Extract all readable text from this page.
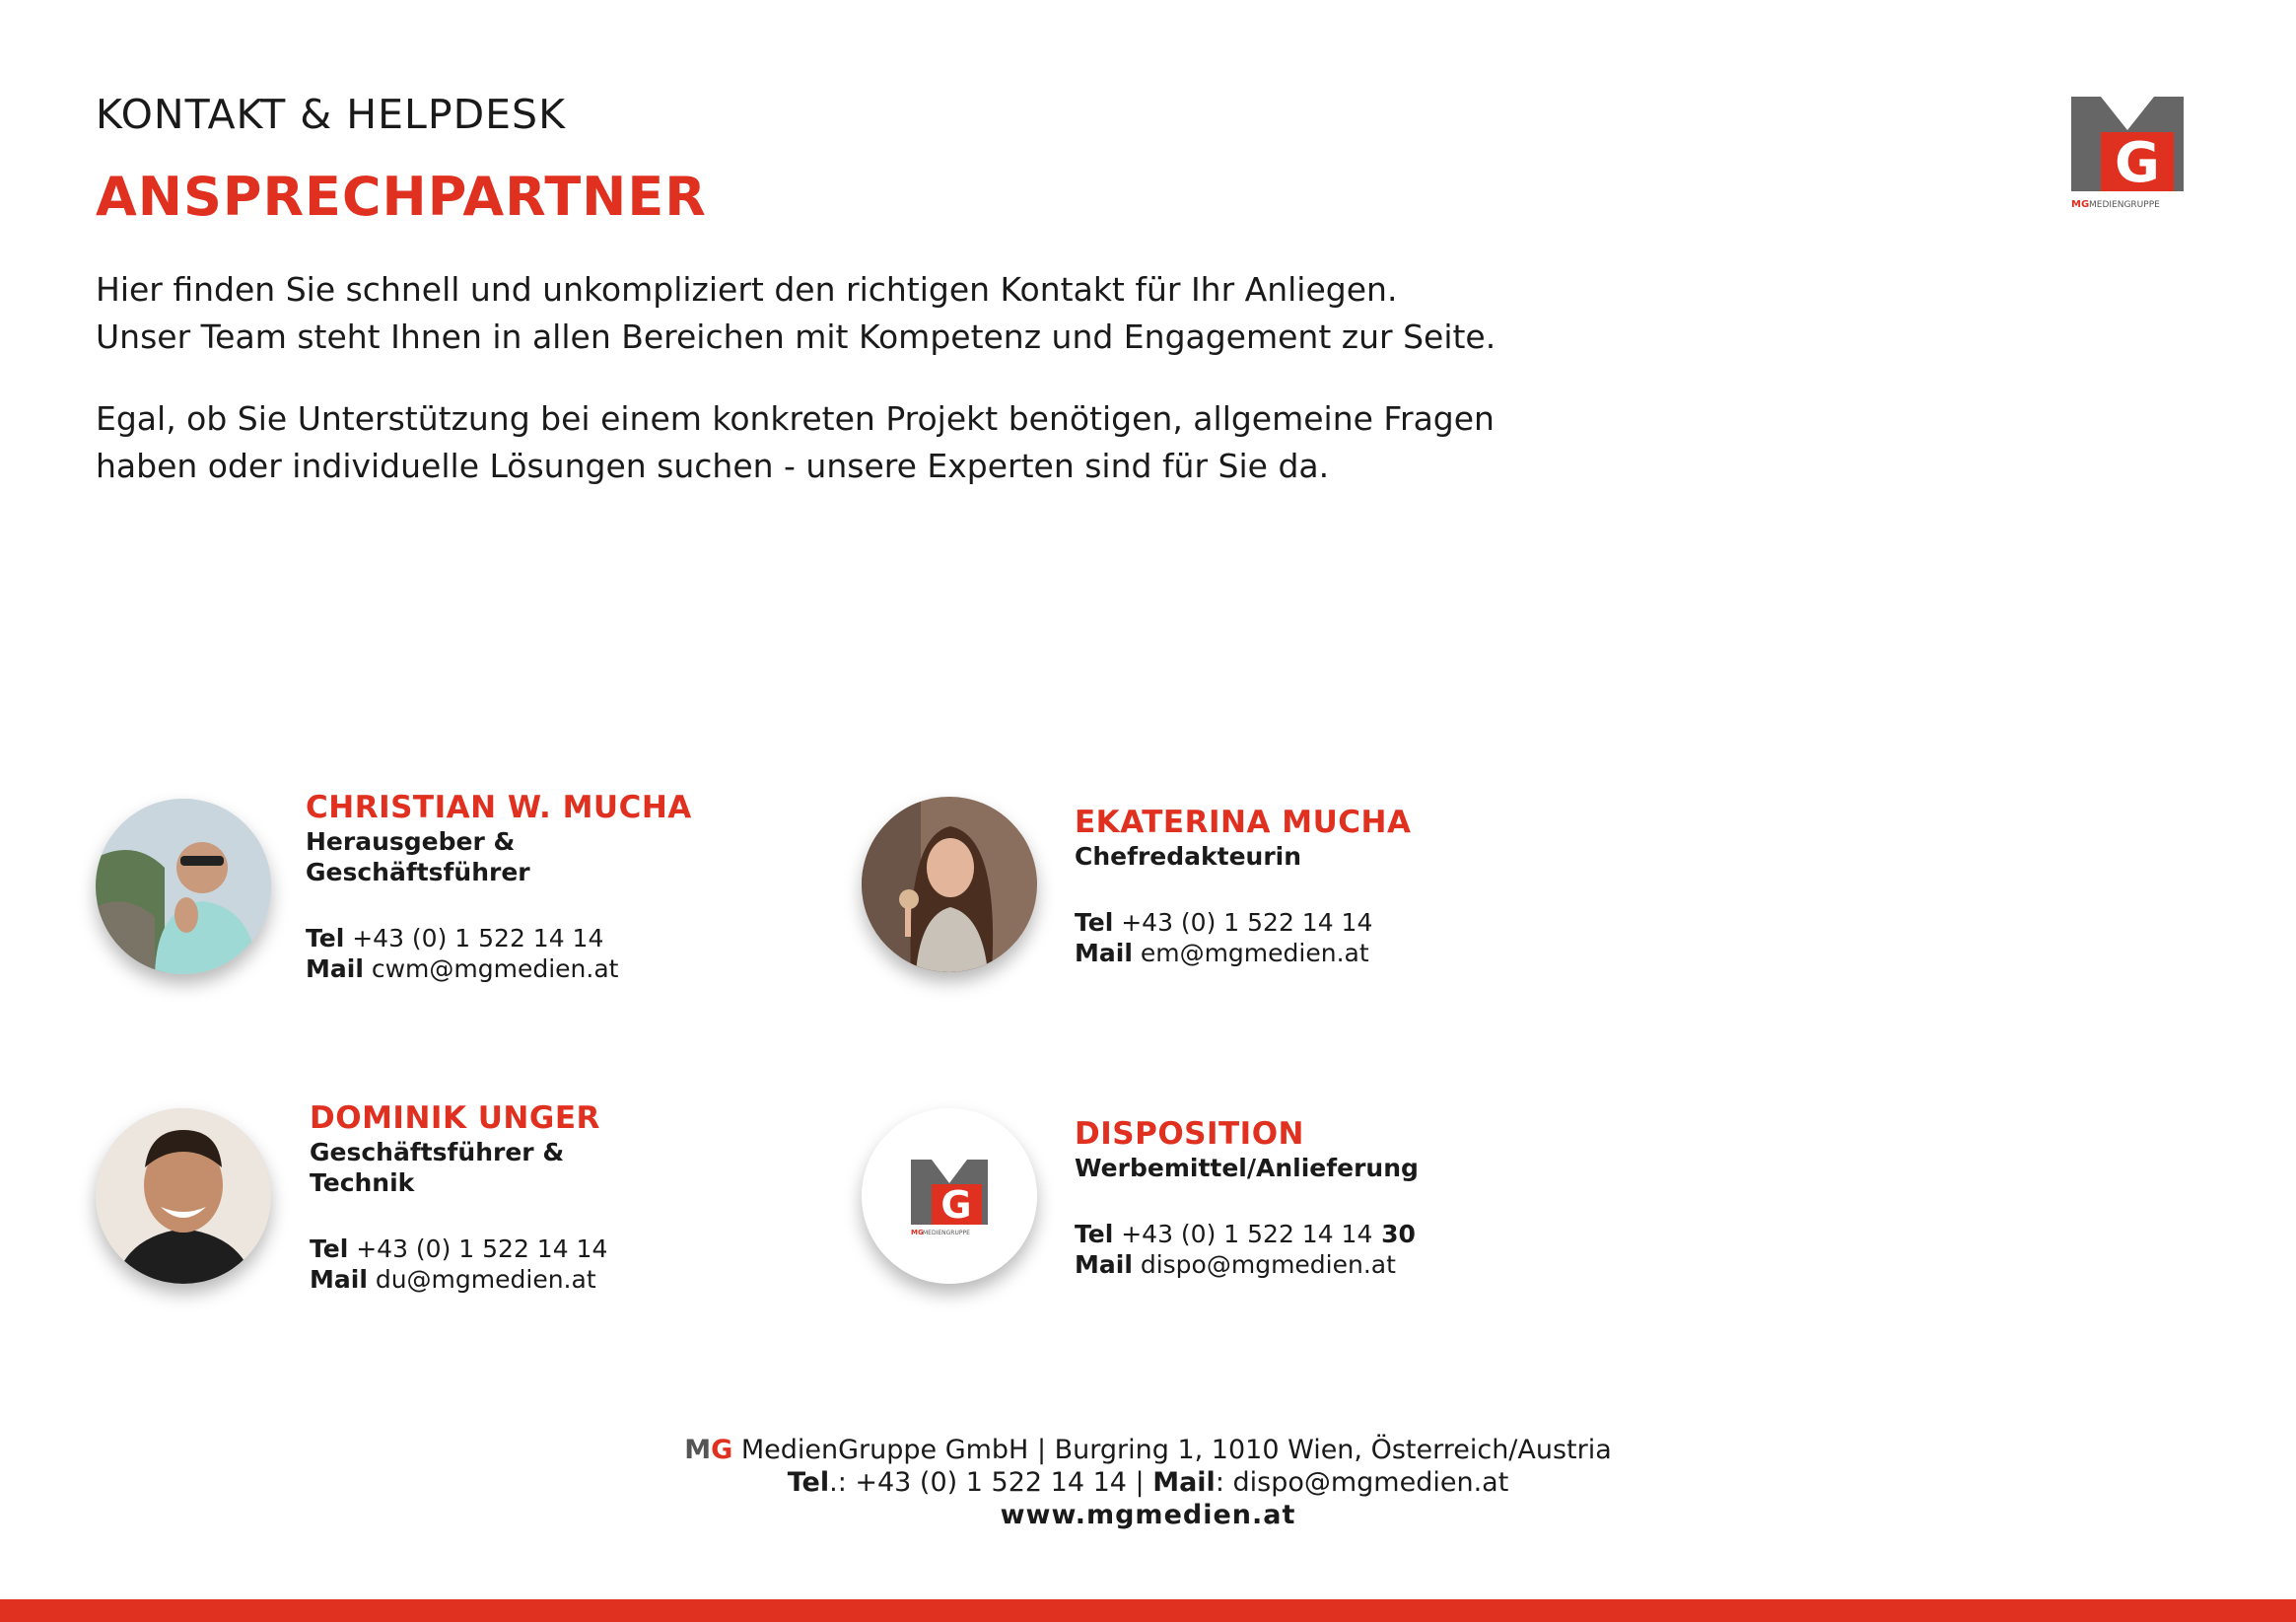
KONTAKT & HELPDESK
ANSPRECHPARTNER

Hier finden Sie schnell und unkompliziert den richtigen Kontakt für Ihr Anliegen.

Unser Team steht Ihnen in allen Bereichen mit Kompetenz und Engagement zur Seite.

Egal, ob Sie Unterstützung bei einem konkreten Projekt benötigen, allgemeine Fragen

haben oder individuelle Lösungen suchen - unsere Experten sind für Sie da.

G
MG MEDIENGRUPPE
CHRISTIAN W. MUCHA
Herausgeber &
Geschäftsführer
Tel +43 (0) 1 522 14 14
Mail cwm@mgmedien.at
EKATERINA MUCHA
Chefredakteurin
Tel +43 (0) 1 522 14 14
Mail em@mgmedien.at
DOMINIK UNGER
Geschäftsführer &
Technik
Tel +43 (0) 1 522 14 14
Mail du@mgmedien.at
G
MG MEDIENGRUPPE
DISPOSITION
Werbemittel/Anlieferung
Tel +43 (0) 1 522 14 14 30
Mail dispo@mgmedien.at
MG MedienGruppe GmbH | Burgring 1, 1010 Wien, Österreich/Austria
Tel.: +43 (0) 1 522 14 14 | Mail: dispo@mgmedien.at
www.mgmedien.at
